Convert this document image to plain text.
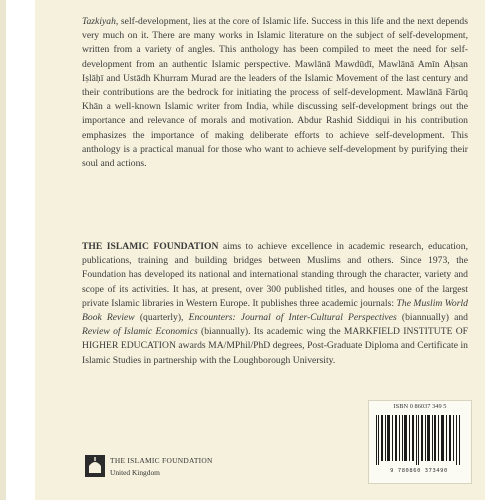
Tazkiyah, self-development, lies at the core of Islamic life. Success in this life and the next depends very much on it. There are many works in Islamic literature on the subject of self-development, written from a variety of angles. This anthology has been compiled to meet the need for self-development from an authentic Islamic perspective. Mawlānā Mawdūdī, Mawlānā Amīn Aḥsan Iṣlāḥī and Ustādh Khurram Murad are the leaders of the Islamic Movement of the last century and their contributions are the bedrock for initiating the process of self-development. Mawlānā Fārūq Khān a well-known Islamic writer from India, while discussing self-development brings out the importance and relevance of morals and motivation. Abdur Rashid Siddiqui in his contribution emphasizes the importance of making deliberate efforts to achieve self-development. This anthology is a practical manual for those who want to achieve self-development by purifying their soul and actions.

THE ISLAMIC FOUNDATION aims to achieve excellence in academic research, education, publications, training and building bridges between Muslims and others. Since 1973, the Foundation has developed its national and international standing through the character, variety and scope of its activities. It has, at present, over 300 published titles, and houses one of the largest private Islamic libraries in Western Europe. It publishes three academic journals: The Muslim World Book Review (quarterly), Encounters: Journal of Inter-Cultural Perspectives (biannually) and Review of Islamic Economics (biannually). Its academic wing the MARKFIELD INSTITUTE OF HIGHER EDUCATION awards MA/MPhil/PhD degrees, Post-Graduate Diploma and Certificate in Islamic Studies in partnership with the Loughborough University.

ISBN 0 86037 349 5
9 780860 373490
THE ISLAMIC FOUNDATION
United Kingdom
